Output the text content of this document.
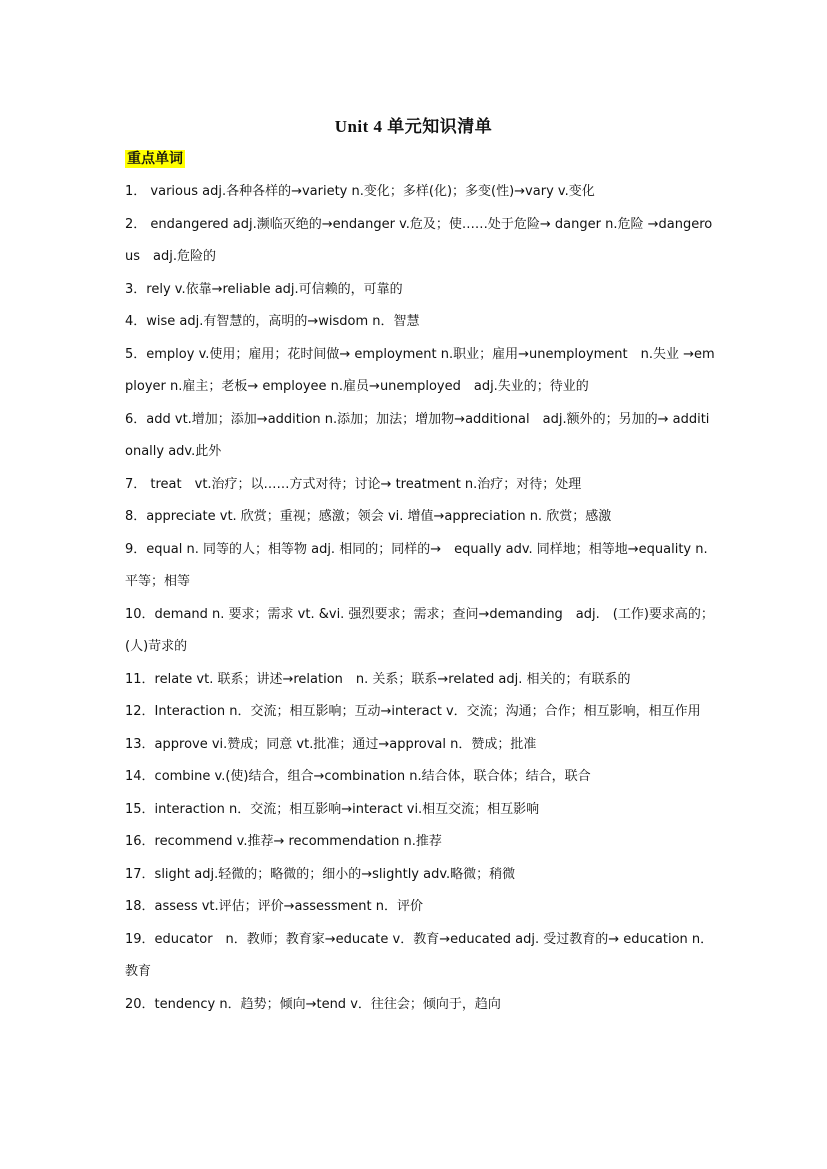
Unit 4 单元知识清单
重点单词

1． various adj.各种各样的→variety n.变化；多样(化)；多变(性)→vary v.变化

2． endangered adj.濒临灭绝的→endanger v.危及；使……处于危险→ danger n.危险 →dangerous　adj.危险的

3．rely v.依靠→reliable adj.可信赖的，可靠的

4．wise adj.有智慧的，高明的→wisdom n．智慧

5．employ v.使用；雇用；花时间做→ employment n.职业；雇用→unemployment　n.失业 →employer n.雇主；老板→ employee n.雇员→unemployed　adj.失业的；待业的

6．add vt.增加；添加→addition n.添加；加法；增加物→additional　adj.额外的；另加的→ additionally adv.此外

7． treat　vt.治疗；以……方式对待；讨论→ treatment n.治疗；对待；处理

8．appreciate vt. 欣赏；重视；感激；领会 vi. 增值→appreciation n. 欣赏；感激

9．equal n. 同等的人；相等物 adj. 相同的；同样的→　equally adv. 同样地；相等地→equality n. 平等；相等

10．demand n. 要求；需求 vt. &vi. 强烈要求；需求；查问→demanding　adj.　(工作)要求高的；(人)苛求的

11．relate vt. 联系；讲述→relation　n. 关系；联系→related adj. 相关的；有联系的

12．Interaction n．交流；相互影响；互动→interact v．交流；沟通；合作；相互影响，相互作用

13．approve vi.赞成；同意 vt.批准；通过→approval n．赞成；批准

14．combine v.(使)结合，组合→combination n.结合体，联合体；结合，联合

15．interaction n．交流；相互影响→interact vi.相互交流；相互影响

16．recommend v.推荐→ recommendation n.推荐

17．slight adj.轻微的；略微的；细小的→slightly adv.略微；稍微

18．assess vt.评估；评价→assessment n．评价

19．educator　n．教师；教育家→educate v．教育→educated adj. 受过教育的→ education n．教育

20．tendency n．趋势；倾向→tend v．往往会；倾向于，趋向
